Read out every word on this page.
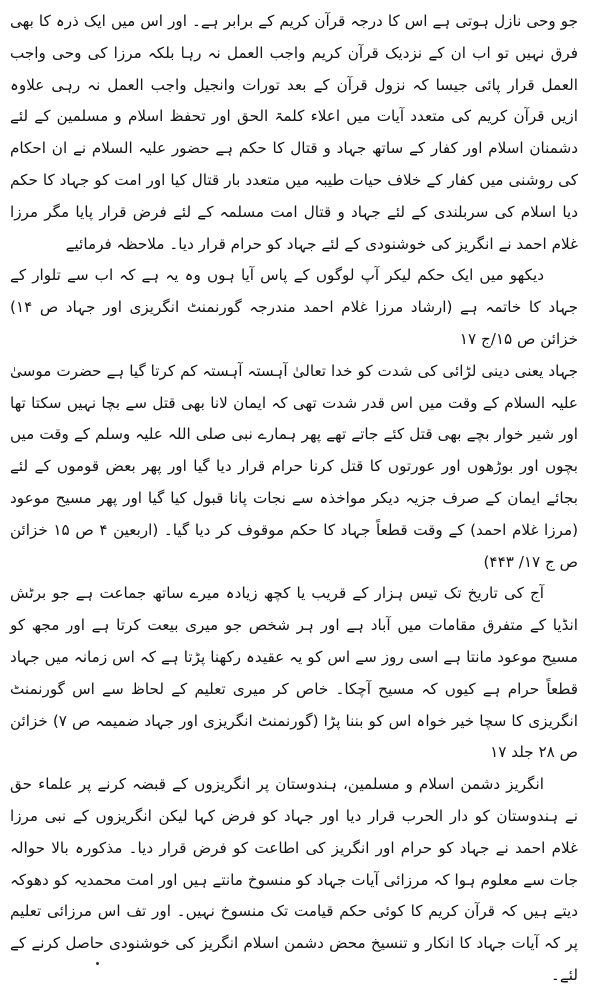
جو وحی نازل ہوتی ہے اس کا درجہ قرآن کریم کے برابر ہے۔ اور اس میں ایک ذرہ کا بھی فرق نہیں تو اب ان کے نزدیک قرآن کریم واجب العمل نہ رہا بلکہ مرزا کی وحی واجب العمل قرار پائی جیسا کہ نزول قرآن کے بعد تورات وانجیل واجب العمل نہ رہی علاوہ ازیں قرآن کریم کی متعدد آیات میں اعلاء کلمۃ الحق اور تحفظ اسلام و مسلمین کے لئے دشمنان اسلام اور کفار کے ساتھ جہاد و قتال کا حکم ہے حضور علیہ السلام نے ان احکام کی روشنی میں کفار کے خلاف حیات طیبہ میں متعدد بار قتال کیا اور امت کو جہاد کا حکم دیا اسلام کی سربلندی کے لئے جہاد و قتال امت مسلمہ کے لئے فرض قرار پایا مگر مرزا غلام احمد نے انگریز کی خوشنودی کے لئے جہاد کو حرام قرار دیا۔ ملاحظہ فرمائیے

دیکھو میں ایک حکم لیکر آپ لوگوں کے پاس آیا ہوں وہ یہ ہے کہ اب سے تلوار کے جہاد کا خاتمہ ہے (ارشاد مرزا غلام احمد مندرجہ گورنمنٹ انگریزی اور جہاد ص ۱۴) خزائن ص ۱۵/ج ۱۷

جہاد یعنی دینی لڑائی کی شدت کو خدا تعالیٰ آہستہ آہستہ کم کرتا گیا ہے حضرت موسیٰ علیہ السلام کے وقت میں اس قدر شدت تھی کہ ایمان لانا بھی قتل سے بچا نہیں سکتا تھا اور شیر خوار بچے بھی قتل کئے جاتے تھے پھر ہمارے نبی صلی اللہ علیہ وسلم کے وقت میں بچوں اور بوڑھوں اور عورتوں کا قتل کرنا حرام قرار دیا گیا اور پھر بعض قوموں کے لئے بجائے ایمان کے صرف جزیہ دیکر مواخذہ سے نجات پانا قبول کیا گیا اور پھر مسیح موعود (مرزا غلام احمد) کے وقت قطعاً جہاد کا حکم موقوف کر دیا گیا۔ (اربعین ۴ ص ۱۵ خزائن ص ج ۱۷/ ۴۴۳)

آج کی تاریخ تک تیس ہزار کے قریب یا کچھ زیادہ میرے ساتھ جماعت ہے جو برٹش انڈیا کے متفرق مقامات میں آباد ہے اور ہر شخص جو میری بیعت کرتا ہے اور مجھ کو مسیح موعود مانتا ہے اسی روز سے اس کو یہ عقیدہ رکھنا پڑتا ہے کہ اس زمانہ میں جہاد قطعاً حرام ہے کیوں کہ مسیح آچکا۔ خاص کر میری تعلیم کے لحاظ سے اس گورنمنٹ انگریزی کا سچا خیر خواہ اس کو بننا پڑا (گورنمنٹ انگریزی اور جہاد ضمیمہ ص ۷) خزائن ص ۲۸ جلد ۱۷

انگریز دشمن اسلام و مسلمین، ہندوستان پر انگریزوں کے قبضہ کرنے پر علماء حق نے ہندوستان کو دار الحرب قرار دیا اور جہاد کو فرض کہا لیکن انگریزوں کے نبی مرزا غلام احمد نے جہاد کو حرام اور انگریز کی اطاعت کو فرض قرار دیا۔ مذکورہ بالا حوالہ جات سے معلوم ہوا کہ مرزائی آیات جہاد کو منسوخ مانتے ہیں اور امت محمدیہ کو دھوکہ دیتے ہیں کہ قرآن کریم کا کوئی حکم قیامت تک منسوخ نہیں۔ اور تف اس مرزائی تعلیم پر کہ آیات جہاد کا انکار و تنسیخ محض دشمن اسلام انگریز کی خوشنودی حاصل کرنے کے لئے۔
